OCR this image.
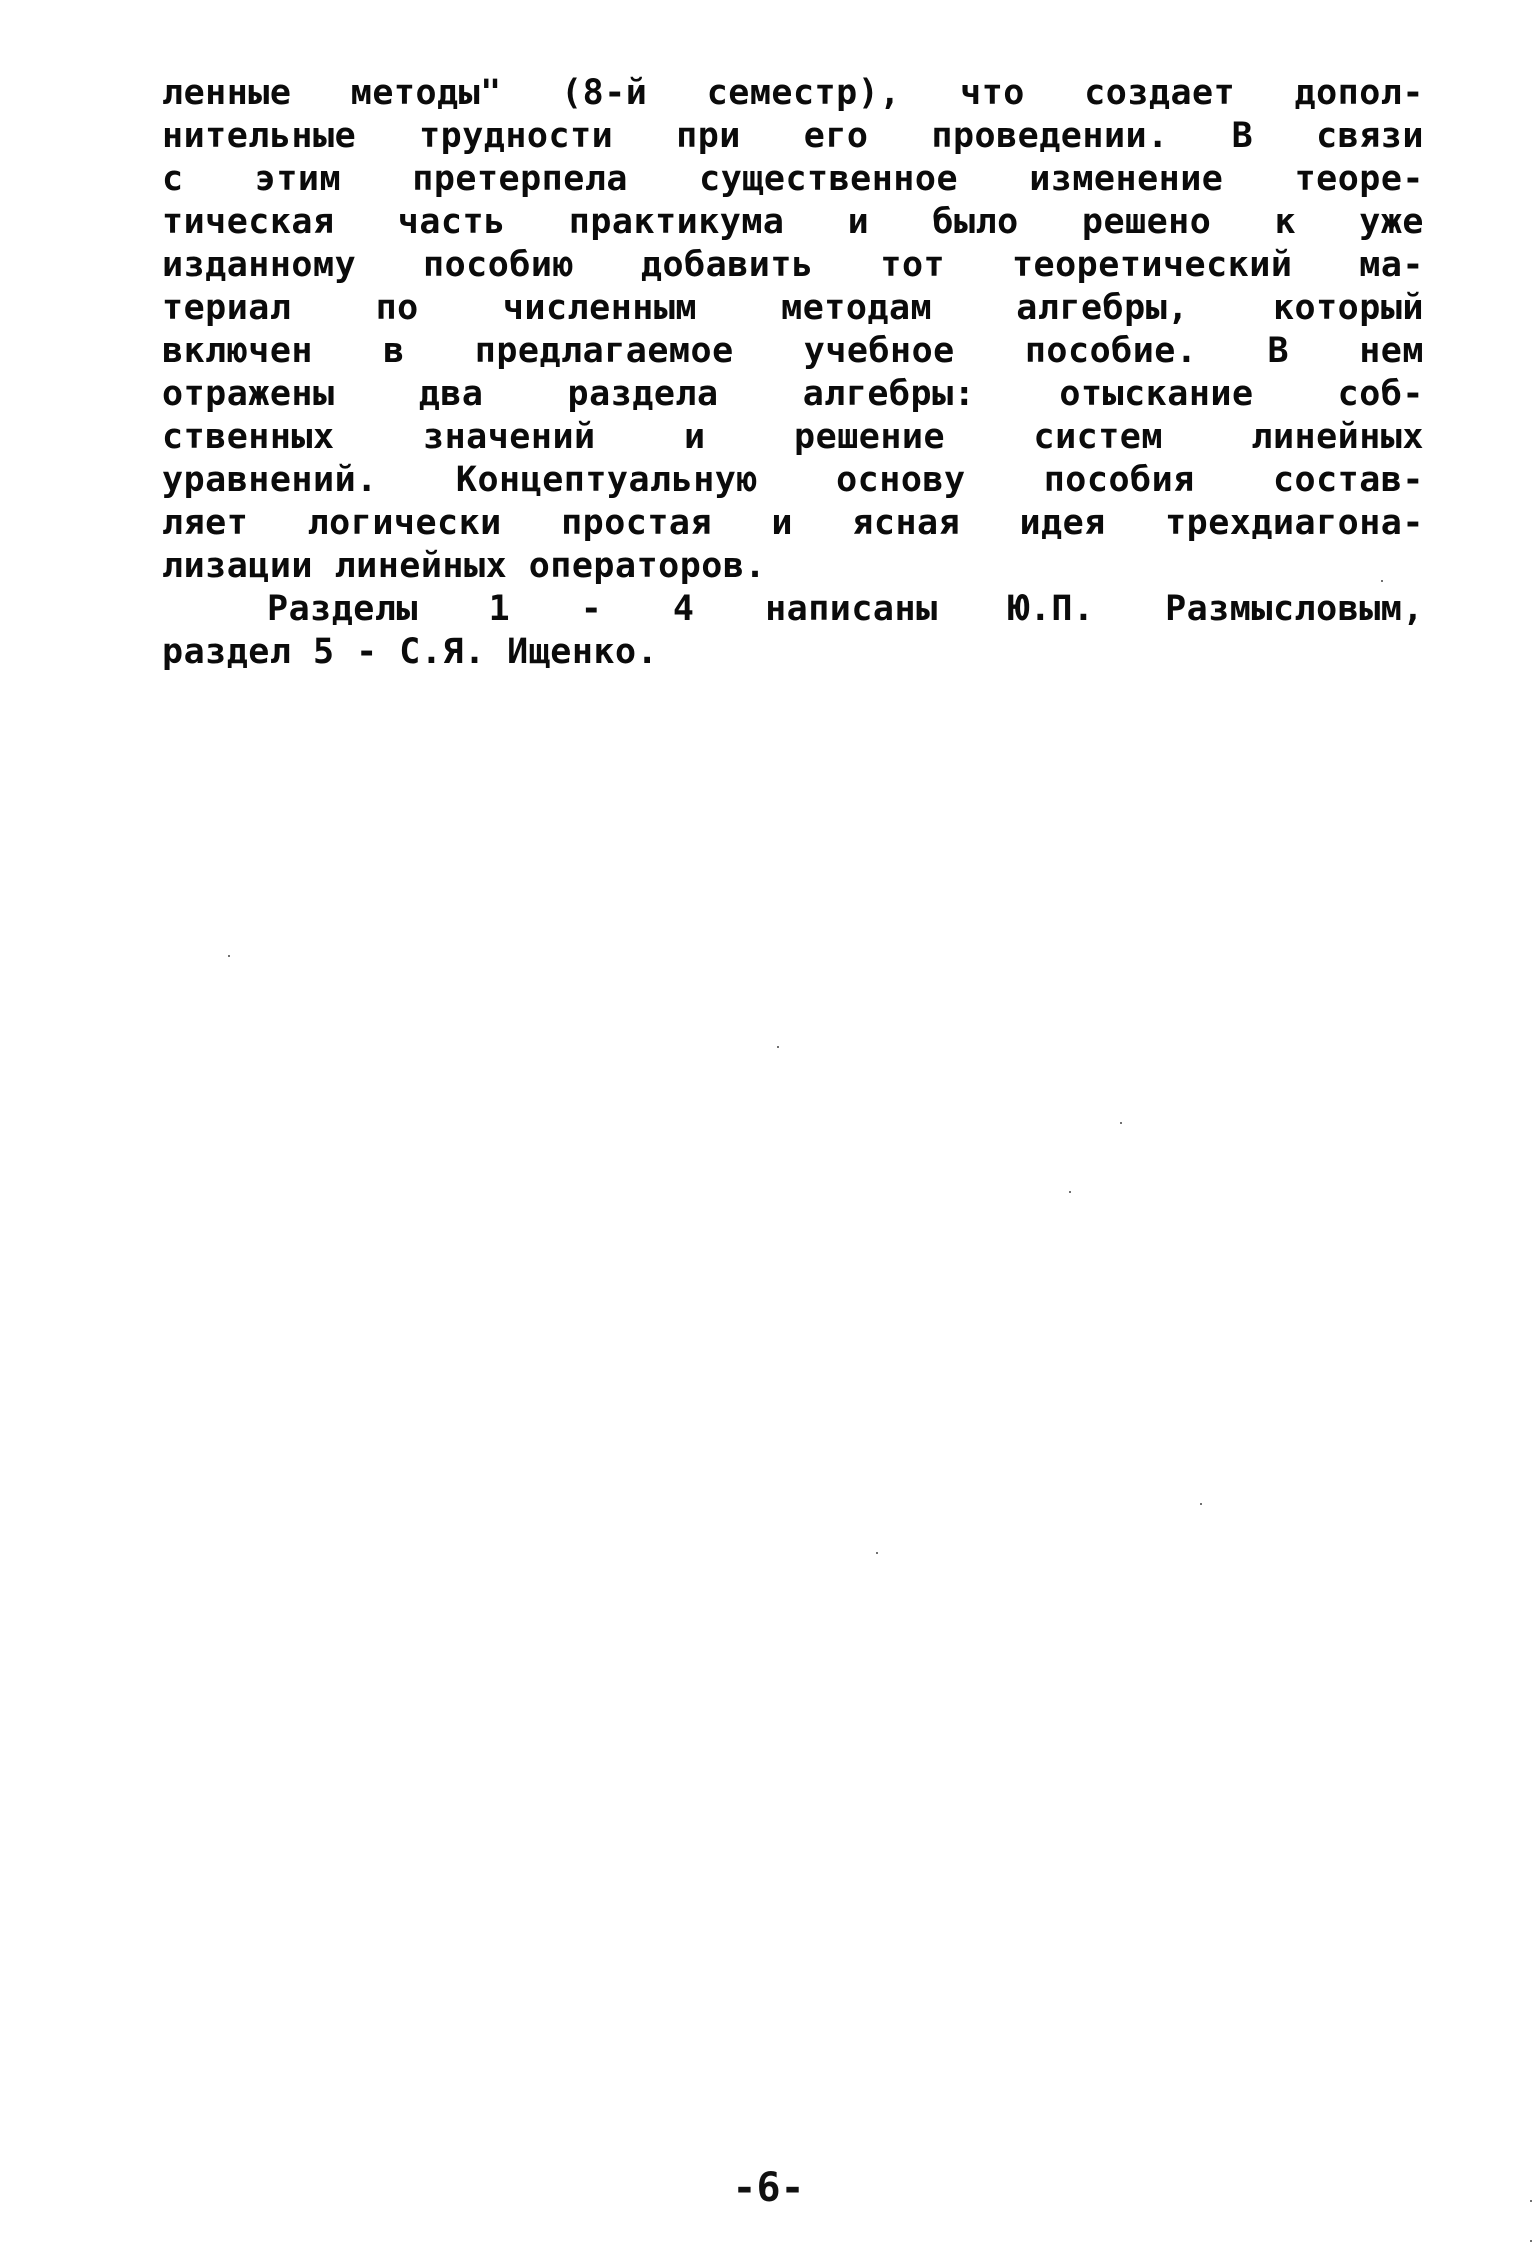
ленные методы" (8-й семестр), что создает допол-
нительные трудности при его проведении. В связи
с этим претерпела существенное изменение теоре-
тическая часть практикума и было решено к уже
изданному пособию добавить тот теоретический ма-
териал по численным методам алгебры, который
включен в предлагаемое учебное пособие. В нем
отражены два раздела алгебры: отыскание соб-
ственных	значений	и	решение	систем	линейных
уравнений. Концептуальную основу пособия состав-
ляет логически простая и ясная идея трехдиагона-
лизации линейных операторов.
Разделы 1 - 4 написаны Ю.П. Размысловым,
раздел 5 - С.Я. Ищенко.
-6-
